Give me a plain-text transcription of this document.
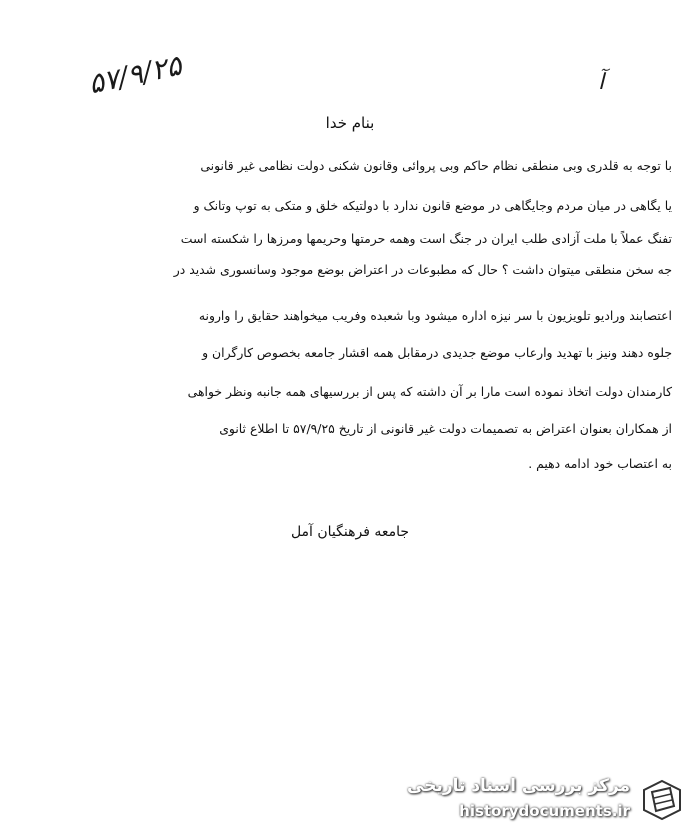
۵۷/۹/۲۵	آ
بنام خدا
با توجه به قلدری وبی منطقی نظام حاکم وبی پروائی وقانون شکنی دولت نظامی غیر قانونی
یا یگاهی در میان مردم وجایگاهی در موضع قانون ندارد با دولتیکه خلق و متکی به توپ وتانک و
تفنگ عملاً با ملت آزادی طلب ایران در جنگ است وهمه حرمتها وحریمها ومرزها را شکسته است
جه سخن منطقی میتوان داشت ؟ حال که مطبوعات در اعتراض بوضع موجود وسانسوری شدید در
اعتصابند ورادیو تلویزیون با سر نیزه اداره میشود وبا شعبده وفریب میخواهند حقایق را وارونه
جلوه دهند ونیز با تهدید وارعاب موضع جدیدی درمقابل همه اقشار جامعه بخصوص کارگران و
کارمندان دولت اتخاذ نموده است مارا بر آن داشته که پس از بررسیهای همه جانبه ونظر خواهی
از همکاران بعنوان اعتراض به تصمیمات دولت غیر قانونی از تاریخ ۵۷/۹/۲۵ تا اطلاع ثانوی
به اعتصاب خود ادامه دهیم .
جامعه فرهنگیان آمل
مرکز بررسی اسناد تاریخی
historydocuments.ir
